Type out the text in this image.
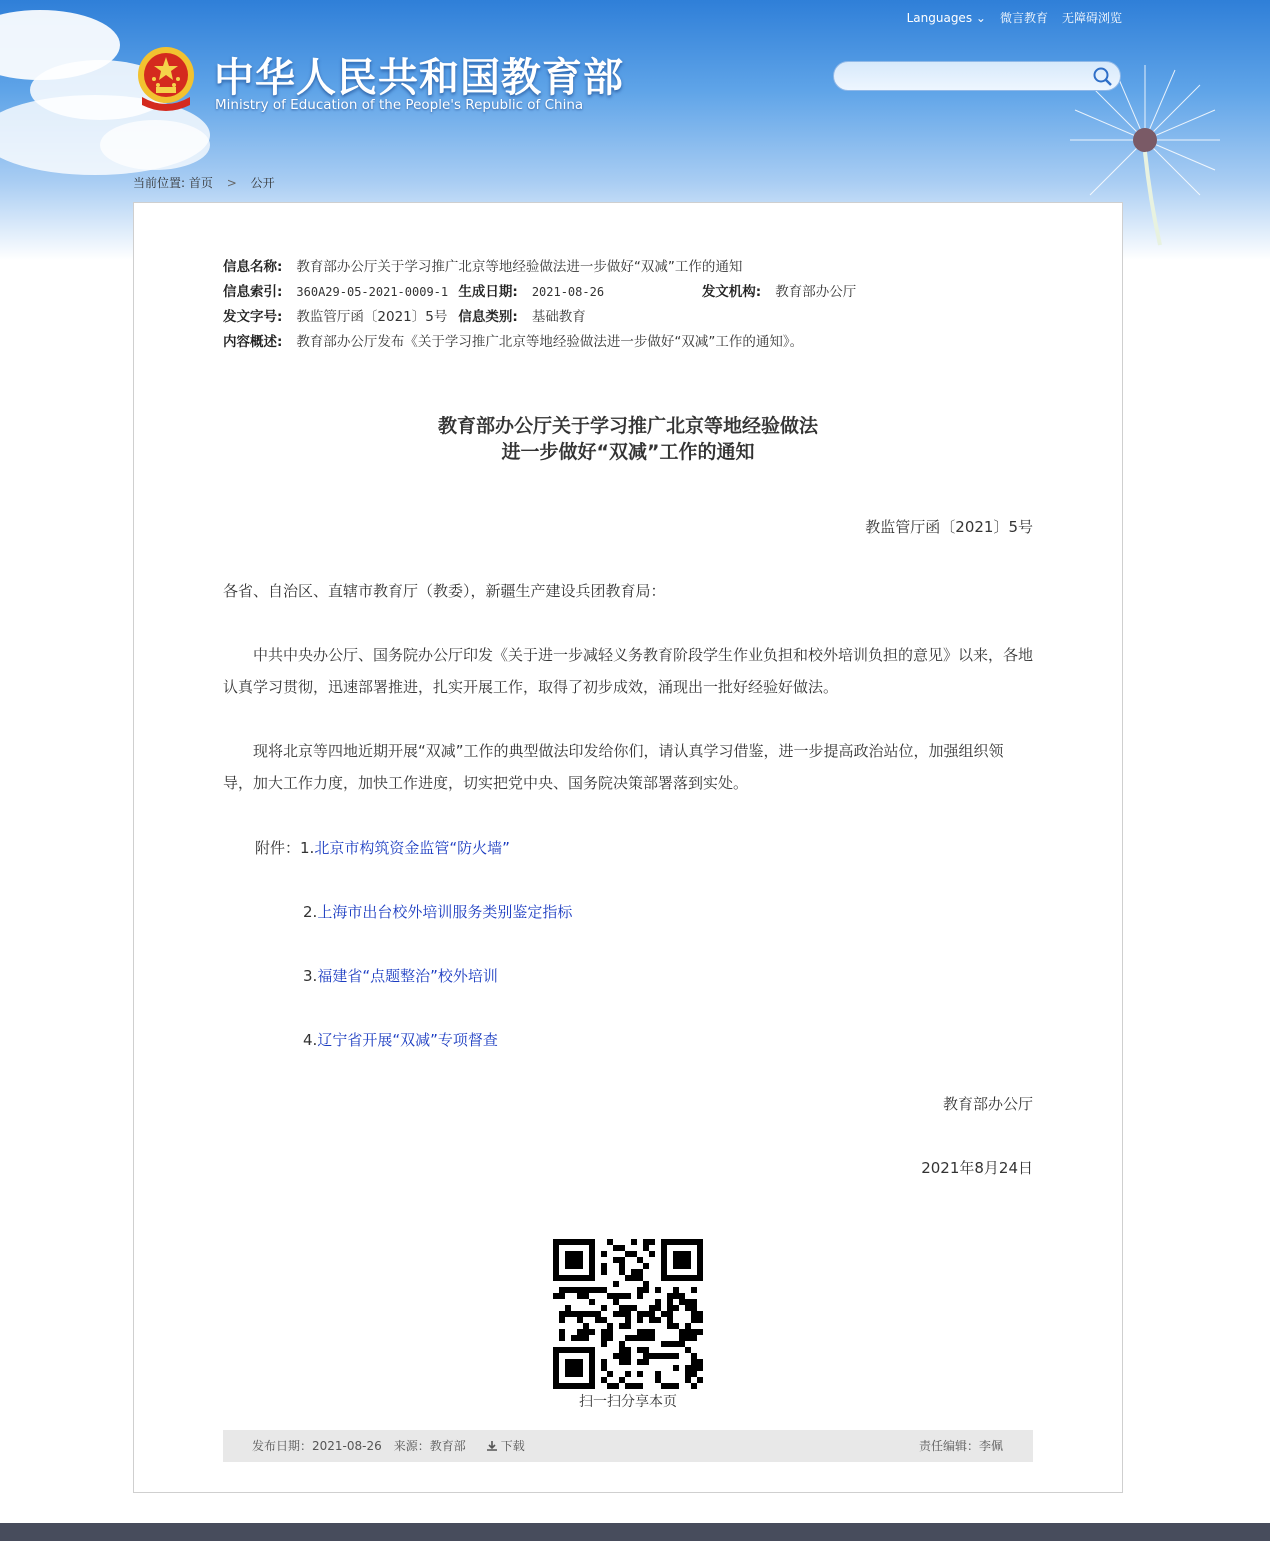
Languages ⌄ 微言教育 无障碍浏览
中华人民共和国教育部
Ministry of Education of the People's Republic of China
当前位置: 首页 > 公开
信息名称: 教育部办公厅关于学习推广北京等地经验做法进一步做好“双减”工作的通知
信息索引: 360A29-05-2021-0009-1 生成日期: 2021-08-26	发文机构: 教育部办公厅
发文字号: 教监管厅函〔2021〕5号 信息类别: 基础教育
内容概述: 教育部办公厅发布《关于学习推广北京等地经验做法进一步做好“双减”工作的通知》。
教育部办公厅关于学习推广北京等地经验做法
进一步做好“双减”工作的通知
教监管厅函〔2021〕5号
各省、自治区、直辖市教育厅（教委），新疆生产建设兵团教育局：
中共中央办公厅、国务院办公厅印发《关于进一步减轻义务教育阶段学生作业负担和校外培训负担的意见》以来，各地认真学习贯彻，迅速部署推进，扎实开展工作，取得了初步成效，涌现出一批好经验好做法。
现将北京等四地近期开展“双减”工作的典型做法印发给你们，请认真学习借鉴，进一步提高政治站位，加强组织领导，加大工作力度，加快工作进度，切实把党中央、国务院决策部署落到实处。
附件：1.北京市构筑资金监管“防火墙”
2.上海市出台校外培训服务类别鉴定指标
3.福建省“点题整治”校外培训
4.辽宁省开展“双减”专项督查
教育部办公厅
2021年8月24日
扫一扫分享本页
发布日期：2021-08-26 来源：教育部	下载	责任编辑：李佩
